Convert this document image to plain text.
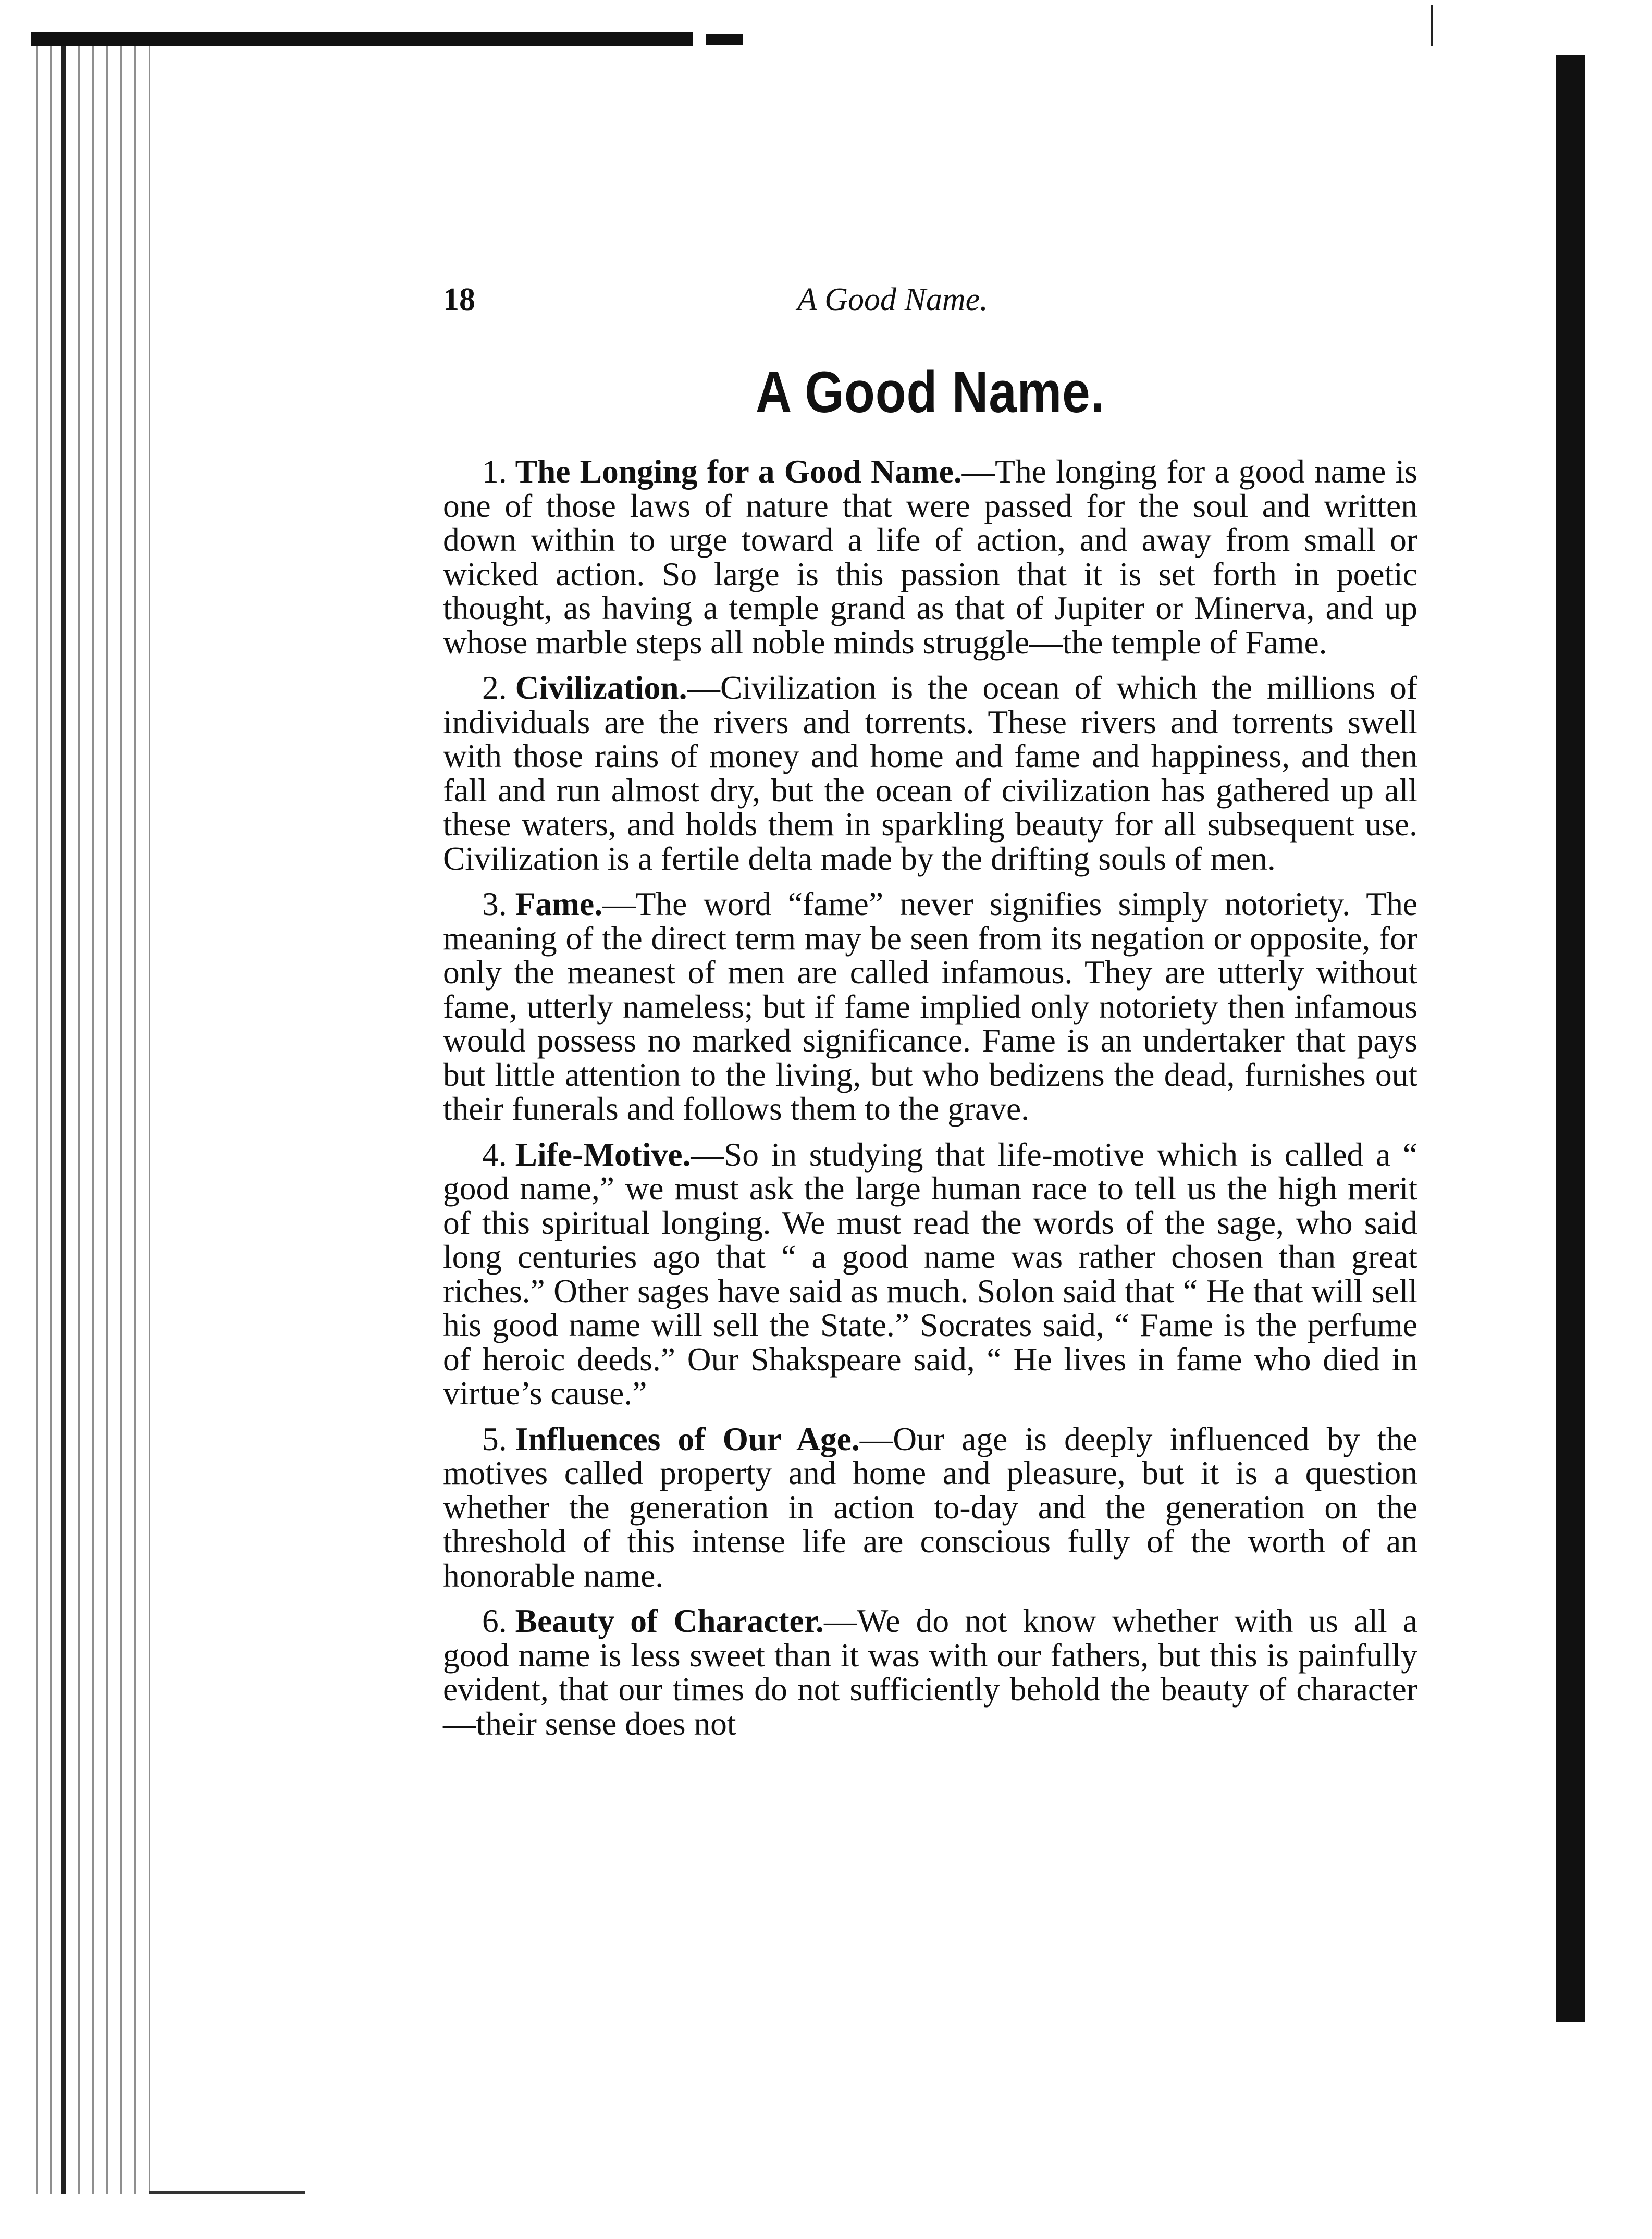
18	A Good Name.
A Good Name.

1. The Longing for a Good Name.—The longing for a good name is one of those laws of nature that were passed for the soul and written down within to urge toward a life of action, and away from small or wicked action. So large is this passion that it is set forth in poetic thought, as having a temple grand as that of Jupiter or Minerva, and up whose marble steps all noble minds struggle—the temple of Fame.

2. Civilization.—Civilization is the ocean of which the millions of individuals are the rivers and torrents. These rivers and torrents swell with those rains of money and home and fame and happiness, and then fall and run almost dry, but the ocean of civilization has gathered up all these waters, and holds them in sparkling beauty for all subsequent use. Civilization is a fertile delta made by the drifting souls of men.

3. Fame.—The word “fame” never signifies simply notoriety. The meaning of the direct term may be seen from its negation or opposite, for only the meanest of men are called infamous. They are utterly without fame, utterly nameless; but if fame implied only notoriety then infamous would possess no marked significance. Fame is an undertaker that pays but little attention to the living, but who bedizens the dead, furnishes out their funerals and follows them to the grave.

4. Life-Motive.—So in studying that life-motive which is called a “ good name,” we must ask the large human race to tell us the high merit of this spiritual longing. We must read the words of the sage, who said long centuries ago that “ a good name was rather chosen than great riches.” Other sages have said as much. Solon said that “ He that will sell his good name will sell the State.” Socrates said, “ Fame is the perfume of heroic deeds.” Our Shakspeare said, “ He lives in fame who died in virtue’s cause.”

5. Influences of Our Age.—Our age is deeply influenced by the motives called property and home and pleasure, but it is a question whether the generation in action to-day and the generation on the threshold of this intense life are conscious fully of the worth of an honorable name.

6. Beauty of Character.—We do not know whether with us all a good name is less sweet than it was with our fathers, but this is painfully evident, that our times do not sufficiently behold the beauty of character—their sense does not
